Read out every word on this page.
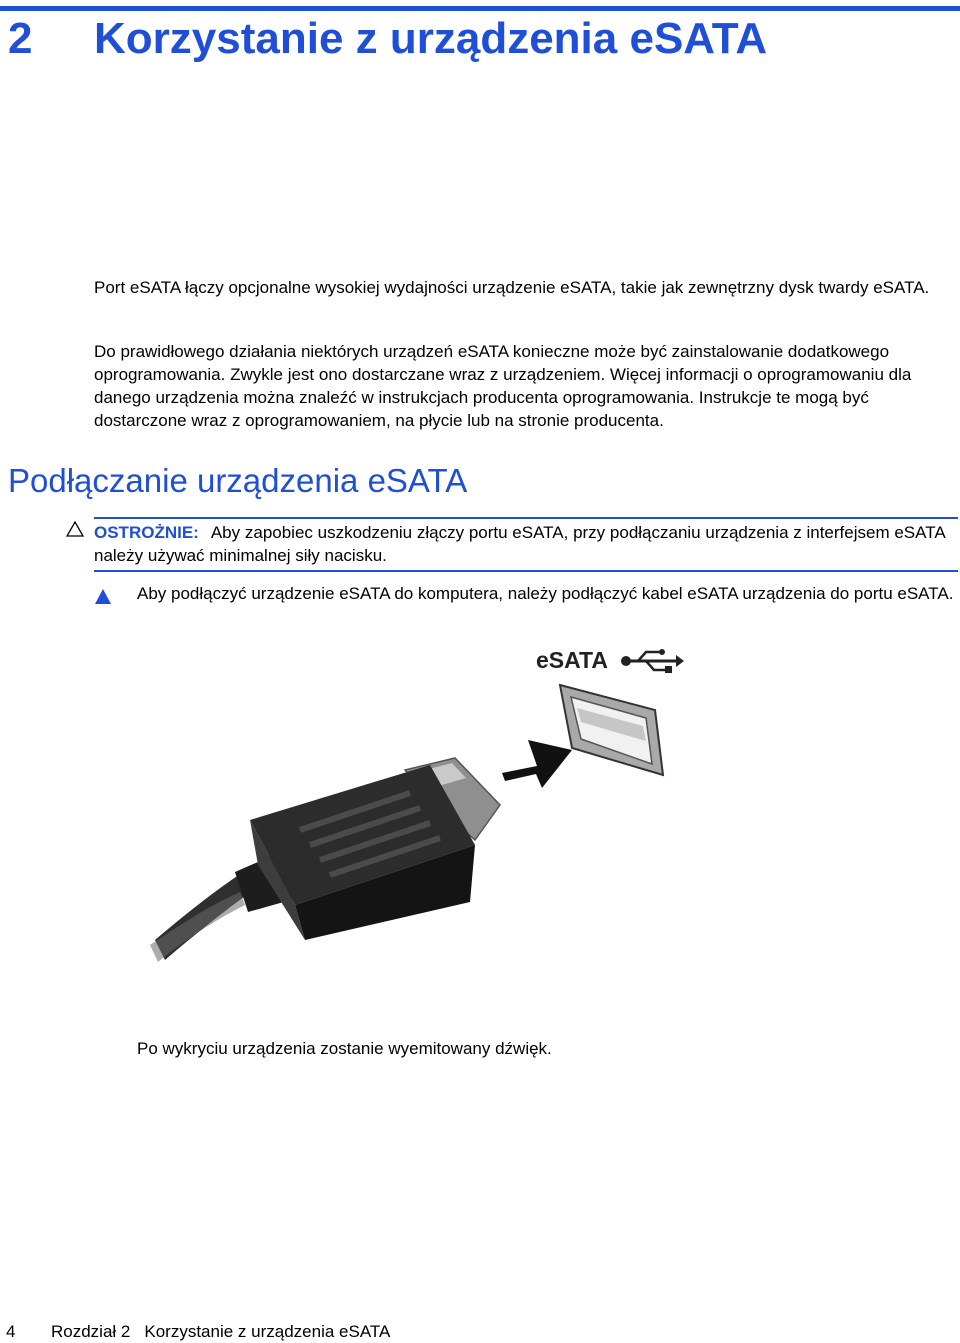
2 Korzystanie z urządzenia eSATA

Port eSATA łączy opcjonalne wysokiej wydajności urządzenie eSATA, takie jak zewnętrzny dysk twardy eSATA.

Do prawidłowego działania niektórych urządzeń eSATA konieczne może być zainstalowanie dodatkowego oprogramowania. Zwykle jest ono dostarczane wraz z urządzeniem. Więcej informacji o oprogramowaniu dla danego urządzenia można znaleźć w instrukcjach producenta oprogramowania. Instrukcje te mogą być dostarczone wraz z oprogramowaniem, na płycie lub na stronie producenta.

Podłączanie urządzenia eSATA
OSTROŻNIE: Aby zapobiec uszkodzeniu złączy portu eSATA, przy podłączaniu urządzenia z interfejsem eSATA należy używać minimalnej siły nacisku.

Aby podłączyć urządzenie eSATA do komputera, należy podłączyć kabel eSATA urządzenia do portu eSATA.

eSATA

Po wykryciu urządzenia zostanie wyemitowany dźwięk.

4 Rozdział 2 Korzystanie z urządzenia eSATA
